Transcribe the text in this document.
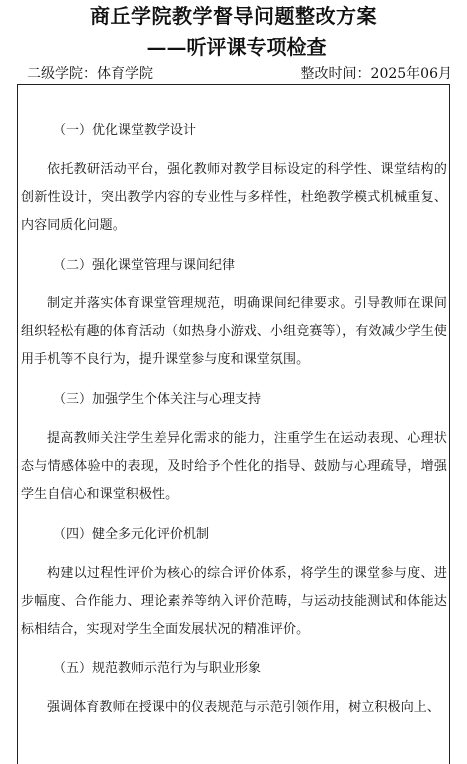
商丘学院教学督导问题整改方案
——听评课专项检查
二级学院：体育学院	整改时间：2025年06月
（一）优化课堂教学设计
依托教研活动平台，强化教师对教学目标设定的科学性、课堂结构的创新性设计，突出教学内容的专业性与多样性，杜绝教学模式机械重复、内容同质化问题。
（二）强化课堂管理与课间纪律
制定并落实体育课堂管理规范，明确课间纪律要求。引导教师在课间组织轻松有趣的体育活动（如热身小游戏、小组竞赛等），有效减少学生使用手机等不良行为，提升课堂参与度和课堂氛围。
（三）加强学生个体关注与心理支持
提高教师关注学生差异化需求的能力，注重学生在运动表现、心理状态与情感体验中的表现，及时给予个性化的指导、鼓励与心理疏导，增强学生自信心和课堂积极性。
（四）健全多元化评价机制
构建以过程性评价为核心的综合评价体系，将学生的课堂参与度、进步幅度、合作能力、理论素养等纳入评价范畴，与运动技能测试和体能达标相结合，实现对学生全面发展状况的精准评价。
（五）规范教师示范行为与职业形象
强调体育教师在授课中的仪表规范与示范引领作用，树立积极向上、
